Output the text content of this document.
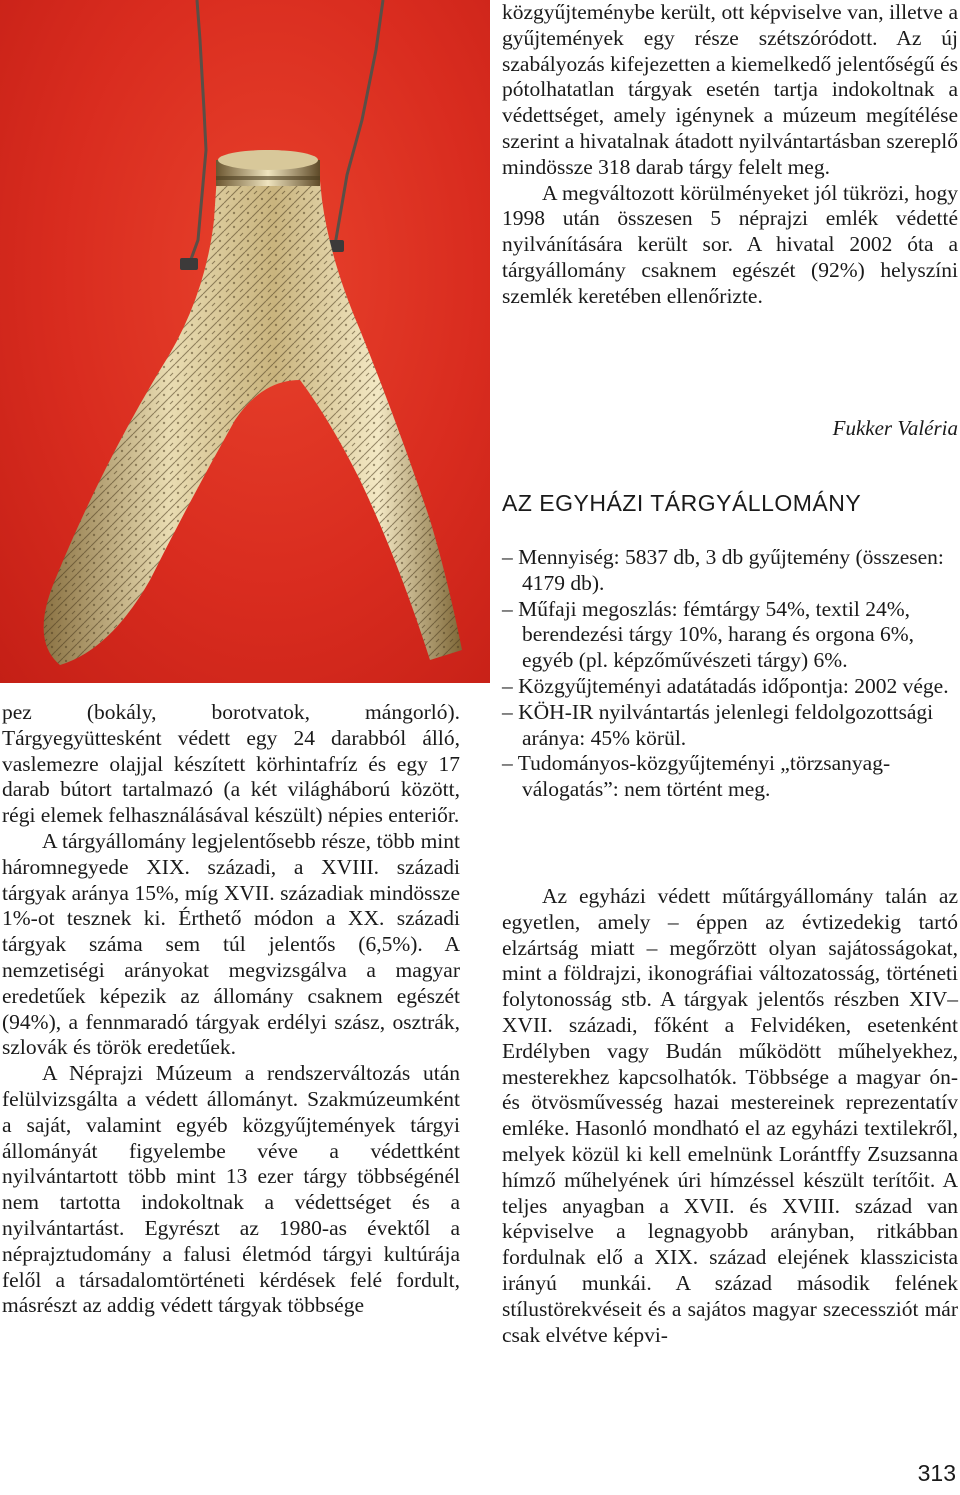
közgyűjteménybe került, ott képviselve van, illetve a gyűjtemények egy része szétszóródott. Az új szabályozás kifejezetten a kiemelkedő jelentőségű és pótolhatatlan tárgyak esetén tartja indokoltnak a védettséget, amely igénynek a múzeum megítélése szerint a hivatalnak átadott nyilvántartásban szereplő mindössze 318 darab tárgy felelt meg.

A megváltozott körülményeket jól tükrözi, hogy 1998 után összesen 5 néprajzi emlék védetté nyilvánítására került sor. A hivatal 2002 óta a tárgyállomány csaknem egészét (92%) helyszíni szemlék keretében ellenőrizte.

Fukker Valéria
AZ EGYHÁZI TÁRGYÁLLOMÁNY
– Mennyiség: 5837 db, 3 db gyűjtemény (összesen: 4179 db).
– Műfaji megoszlás: fémtárgy 54%, textil 24%, berendezési tárgy 10%, harang és orgona 6%, egyéb (pl. képzőművészeti tárgy) 6%.
– Közgyűjteményi adatátadás időpontja: 2002 vége.
– KÖH-IR nyilvántartás jelenlegi feldolgozottsági aránya: 45% körül.
– Tudományos-közgyűjteményi „törzsanyag-válogatás”: nem történt meg.

pez (bokály, borotvatok, mángorló). Tárgyegyüttesként védett egy 24 darabból álló, vaslemezre olajjal készített körhintafríz és egy 17 darab bútort tartalmazó (a két világháború között, régi elemek felhasználásával készült) népies enteriőr.

A tárgyállomány legjelentősebb része, több mint háromnegyede XIX. századi, a XVIII. századi tárgyak aránya 15%, míg XVII. századiak mindössze 1%-ot tesznek ki. Érthető módon a XX. századi tárgyak száma sem túl jelentős (6,5%). A nemzetiségi arányokat megvizsgálva a magyar eredetűek képezik az állomány csaknem egészét (94%), a fennmaradó tárgyak erdélyi szász, osztrák, szlovák és török eredetűek.

A Néprajzi Múzeum a rendszerváltozás után felülvizsgálta a védett állományt. Szakmúzeumként a saját, valamint egyéb közgyűjtemények tárgyi állományát figyelembe véve a védettként nyilvántartott több mint 13 ezer tárgy többségénél nem tartotta indokoltnak a védettséget és a nyilvántartást. Egyrészt az 1980-as évektől a néprajztudomány a falusi életmód tárgyi kultúrája felől a társadalomtörténeti kérdések felé fordult, másrészt az addig védett tárgyak többsége

Az egyházi védett műtárgyállomány talán az egyetlen, amely – éppen az évtizedekig tartó elzártság miatt – megőrzött olyan sajátosságokat, mint a földrajzi, ikonográfiai változatosság, történeti folytonosság stb. A tárgyak jelentős részben XIV–XVII. századi, főként a Felvidéken, esetenként Erdélyben vagy Budán működött műhelyekhez, mesterekhez kapcsolhatók. Többsége a magyar ón- és ötvösművesség hazai mestereinek reprezentatív emléke. Hasonló mondható el az egyházi textilekről, melyek közül ki kell emelnünk Lorántffy Zsuzsanna hímző műhelyének úri hímzéssel készült terítőit. A teljes anyagban a XVII. és XVIII. század van képviselve a legnagyobb arányban, ritkábban fordulnak elő a XIX. század elejének klasszicista irányú munkái. A század második felének stílustörekvéseit és a sajátos magyar szecessziót már csak elvétve képvi-

313
